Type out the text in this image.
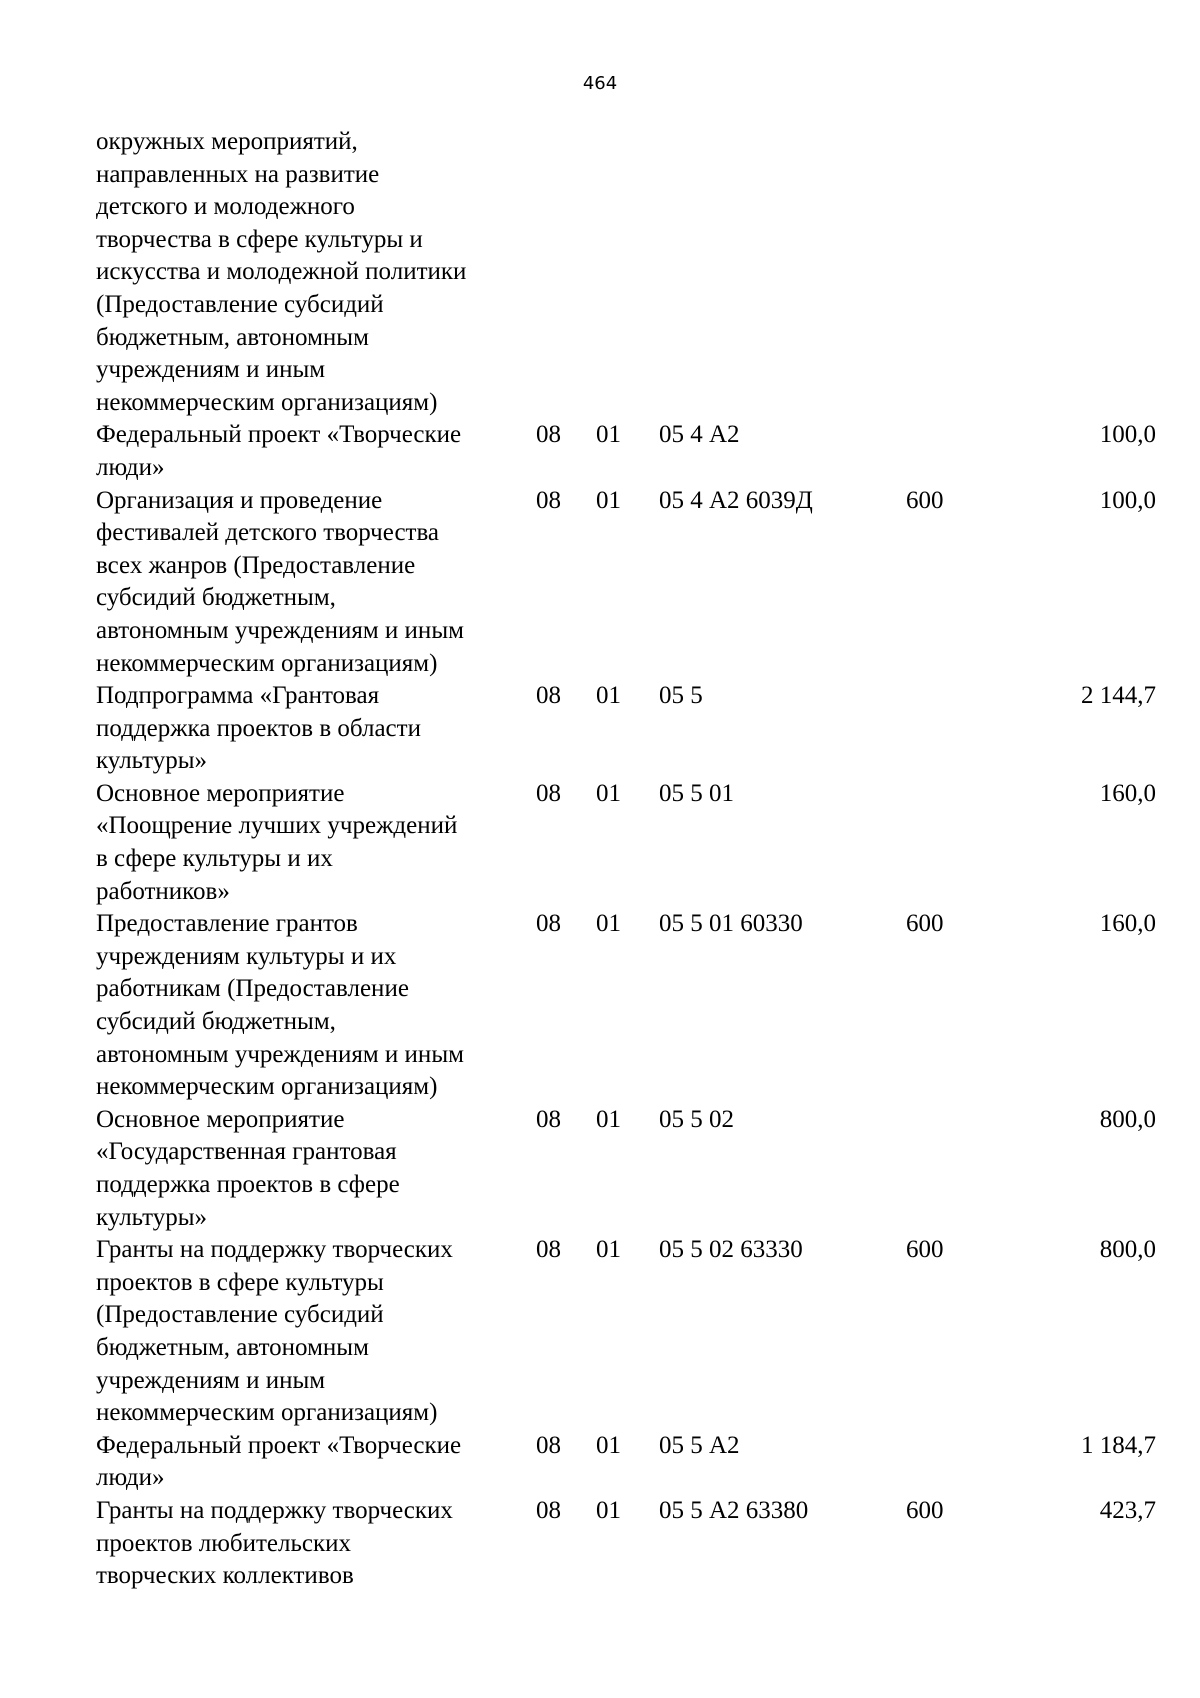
464
окружных мероприятий,
направленных на развитие
детского и молодежного
творчества в сфере культуры и
искусства и молодежной политики
(Предоставление субсидий
бюджетным, автономным
учреждениям и иным
некоммерческим организациям)
Федеральный проект «Творческие
люди»
08	01	05 4 А2	100,0
Организация и проведение
фестивалей детского творчества
всех жанров (Предоставление
субсидий бюджетным,
автономным учреждениям и иным
некоммерческим организациям)
08	01	05 4 А2 6039Д	600	100,0
Подпрограмма «Грантовая
поддержка проектов в области
культуры»
08	01	05 5	2 144,7
Основное мероприятие
«Поощрение лучших учреждений
в сфере культуры и их
работников»
08	01	05 5 01	160,0
Предоставление грантов
учреждениям культуры и их
работникам (Предоставление
субсидий бюджетным,
автономным учреждениям и иным
некоммерческим организациям)
08	01	05 5 01 60330	600	160,0
Основное мероприятие
«Государственная грантовая
поддержка проектов в сфере
культуры»
08	01	05 5 02	800,0
Гранты на поддержку творческих
проектов в сфере культуры
(Предоставление субсидий
бюджетным, автономным
учреждениям и иным
некоммерческим организациям)
08	01	05 5 02 63330	600	800,0
Федеральный проект «Творческие
люди»
08	01	05 5 А2	1 184,7
Гранты на поддержку творческих
проектов любительских
творческих коллективов
08	01	05 5 А2 63380	600	423,7
